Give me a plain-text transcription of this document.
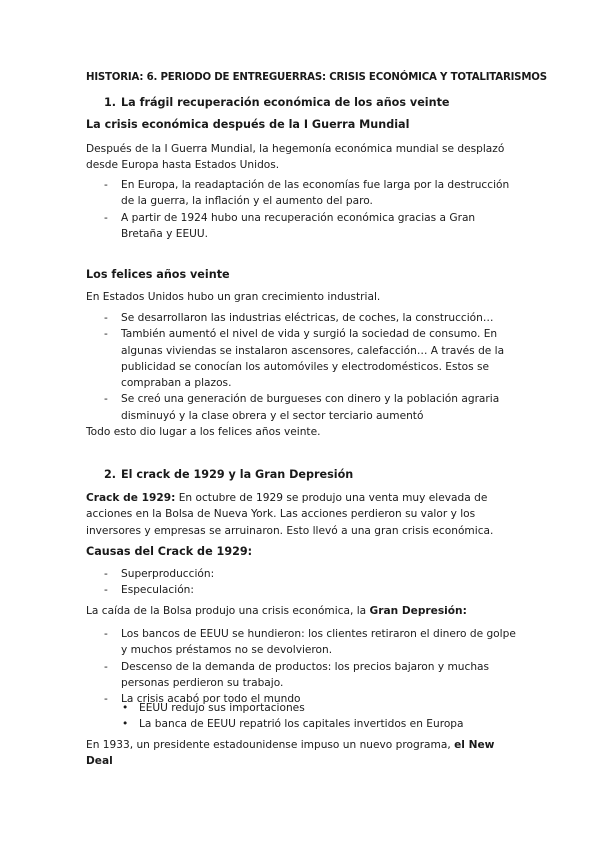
HISTORIA: 6. PERIODO DE ENTREGUERRAS: CRISIS ECONÓMICA Y TOTALITARISMOS
1. La frágil recuperación económica de los años veinte
La crisis económica después de la I Guerra Mundial
Después de la I Guerra Mundial, la hegemonía económica mundial se desplazó desde Europa hasta Estados Unidos.
- En Europa, la readaptación de las economías fue larga por la destrucción de la guerra, la inflación y el aumento del paro.
- A partir de 1924 hubo una recuperación económica gracias a Gran Bretaña y EEUU.
Los felices años veinte
En Estados Unidos hubo un gran crecimiento industrial.
- Se desarrollaron las industrias eléctricas, de coches, la construcción…
- También aumentó el nivel de vida y surgió la sociedad de consumo. En algunas viviendas se instalaron ascensores, calefacción… A través de la publicidad se conocían los automóviles y electrodomésticos. Estos se compraban a plazos.
- Se creó una generación de burgueses con dinero y la población agraria disminuyó y la clase obrera y el sector terciario aumentó
Todo esto dio lugar a los felices años veinte.
2. El crack de 1929 y la Gran Depresión
Crack de 1929: En octubre de 1929 se produjo una venta muy elevada de acciones en la Bolsa de Nueva York. Las acciones perdieron su valor y los inversores y empresas se arruinaron. Esto llevó a una gran crisis económica.
Causas del Crack de 1929:
- Superproducción:
- Especulación:
La caída de la Bolsa produjo una crisis económica, la Gran Depresión:
- Los bancos de EEUU se hundieron: los clientes retiraron el dinero de golpe y muchos préstamos no se devolvieron.
- Descenso de la demanda de productos: los precios bajaron y muchas personas perdieron su trabajo.
- La crisis acabó por todo el mundo
• EEUU redujo sus importaciones
• La banca de EEUU repatrió los capitales invertidos en Europa
En 1933, un presidente estadounidense impuso un nuevo programa, el New Deal
